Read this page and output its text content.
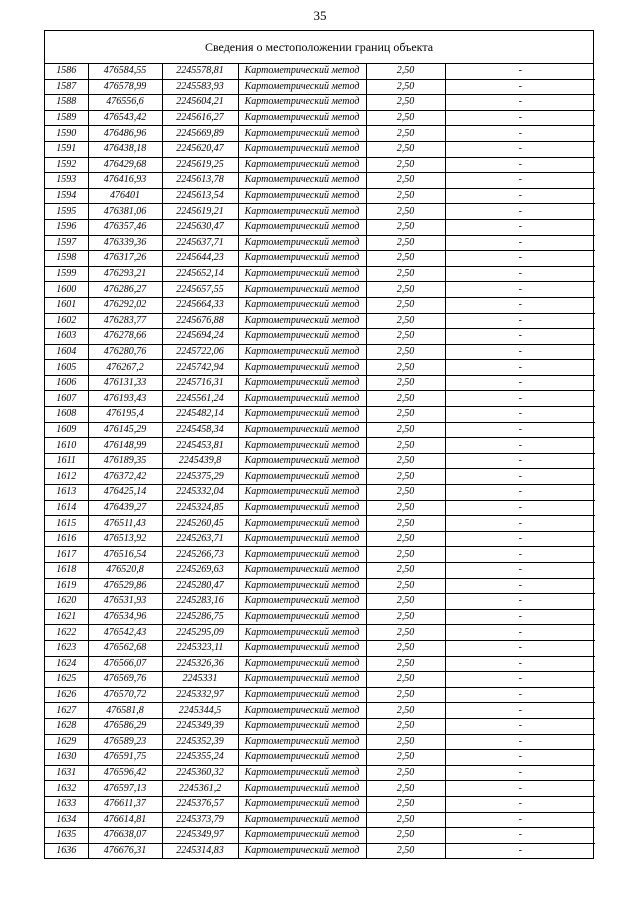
35
Сведения о местоположении границ объекта
1586	476584,55	2245578,81	Картометрический метод	2,50	-
1587	476578,99	2245583,93	Картометрический метод	2,50	-
1588	476556,6	2245604,21	Картометрический метод	2,50	-
1589	476543,42	2245616,27	Картометрический метод	2,50	-
1590	476486,96	2245669,89	Картометрический метод	2,50	-
1591	476438,18	2245620,47	Картометрический метод	2,50	-
1592	476429,68	2245619,25	Картометрический метод	2,50	-
1593	476416,93	2245613,78	Картометрический метод	2,50	-
1594	476401	2245613,54	Картометрический метод	2,50	-
1595	476381,06	2245619,21	Картометрический метод	2,50	-
1596	476357,46	2245630,47	Картометрический метод	2,50	-
1597	476339,36	2245637,71	Картометрический метод	2,50	-
1598	476317,26	2245644,23	Картометрический метод	2,50	-
1599	476293,21	2245652,14	Картометрический метод	2,50	-
1600	476286,27	2245657,55	Картометрический метод	2,50	-
1601	476292,02	2245664,33	Картометрический метод	2,50	-
1602	476283,77	2245676,88	Картометрический метод	2,50	-
1603	476278,66	2245694,24	Картометрический метод	2,50	-
1604	476280,76	2245722,06	Картометрический метод	2,50	-
1605	476267,2	2245742,94	Картометрический метод	2,50	-
1606	476131,33	2245716,31	Картометрический метод	2,50	-
1607	476193,43	2245561,24	Картометрический метод	2,50	-
1608	476195,4	2245482,14	Картометрический метод	2,50	-
1609	476145,29	2245458,34	Картометрический метод	2,50	-
1610	476148,99	2245453,81	Картометрический метод	2,50	-
1611	476189,35	2245439,8	Картометрический метод	2,50	-
1612	476372,42	2245375,29	Картометрический метод	2,50	-
1613	476425,14	2245332,04	Картометрический метод	2,50	-
1614	476439,27	2245324,85	Картометрический метод	2,50	-
1615	476511,43	2245260,45	Картометрический метод	2,50	-
1616	476513,92	2245263,71	Картометрический метод	2,50	-
1617	476516,54	2245266,73	Картометрический метод	2,50	-
1618	476520,8	2245269,63	Картометрический метод	2,50	-
1619	476529,86	2245280,47	Картометрический метод	2,50	-
1620	476531,93	2245283,16	Картометрический метод	2,50	-
1621	476534,96	2245286,75	Картометрический метод	2,50	-
1622	476542,43	2245295,09	Картометрический метод	2,50	-
1623	476562,68	2245323,11	Картометрический метод	2,50	-
1624	476566,07	2245326,36	Картометрический метод	2,50	-
1625	476569,76	2245331	Картометрический метод	2,50	-
1626	476570,72	2245332,97	Картометрический метод	2,50	-
1627	476581,8	2245344,5	Картометрический метод	2,50	-
1628	476586,29	2245349,39	Картометрический метод	2,50	-
1629	476589,23	2245352,39	Картометрический метод	2,50	-
1630	476591,75	2245355,24	Картометрический метод	2,50	-
1631	476596,42	2245360,32	Картометрический метод	2,50	-
1632	476597,13	2245361,2	Картометрический метод	2,50	-
1633	476611,37	2245376,57	Картометрический метод	2,50	-
1634	476614,81	2245373,79	Картометрический метод	2,50	-
1635	476638,07	2245349,97	Картометрический метод	2,50	-
1636	476676,31	2245314,83	Картометрический метод	2,50	-
